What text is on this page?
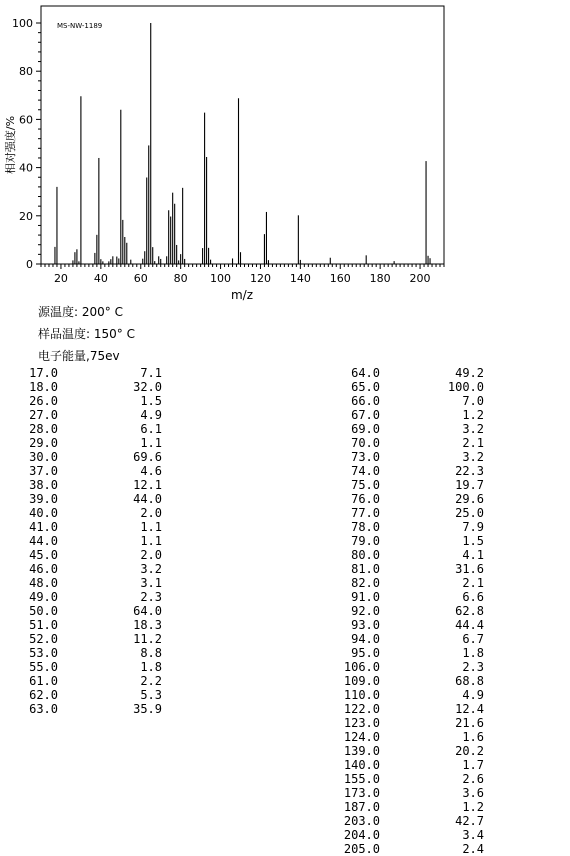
MS-NW-1189
相对强度/%
m/z
20 40 60 80 100 120 140 160 180 200
0
20
40
60
80
100
源温度: 200° C
样品温度: 150° C
电子能量,75ev
17.0	7.1
18.0	32.0
26.0	1.5
27.0	4.9
28.0	6.1
29.0	1.1
30.0	69.6
37.0	4.6
38.0	12.1
39.0	44.0
40.0	2.0
41.0	1.1
44.0	1.1
45.0	2.0
46.0	3.2
48.0	3.1
49.0	2.3
50.0	64.0
51.0	18.3
52.0	11.2
53.0	8.8
55.0	1.8
61.0	2.2
62.0	5.3
63.0	35.9
64.0	49.2
65.0	100.0
66.0	7.0
67.0	1.2
69.0	3.2
70.0	2.1
73.0	3.2
74.0	22.3
75.0	19.7
76.0	29.6
77.0	25.0
78.0	7.9
79.0	1.5
80.0	4.1
81.0	31.6
82.0	2.1
91.0	6.6
92.0	62.8
93.0	44.4
94.0	6.7
95.0	1.8
106.0	2.3
109.0	68.8
110.0	4.9
122.0	12.4
123.0	21.6
124.0	1.6
139.0	20.2
140.0	1.7
155.0	2.6
173.0	3.6
187.0	1.2
203.0	42.7
204.0	3.4
205.0	2.4
